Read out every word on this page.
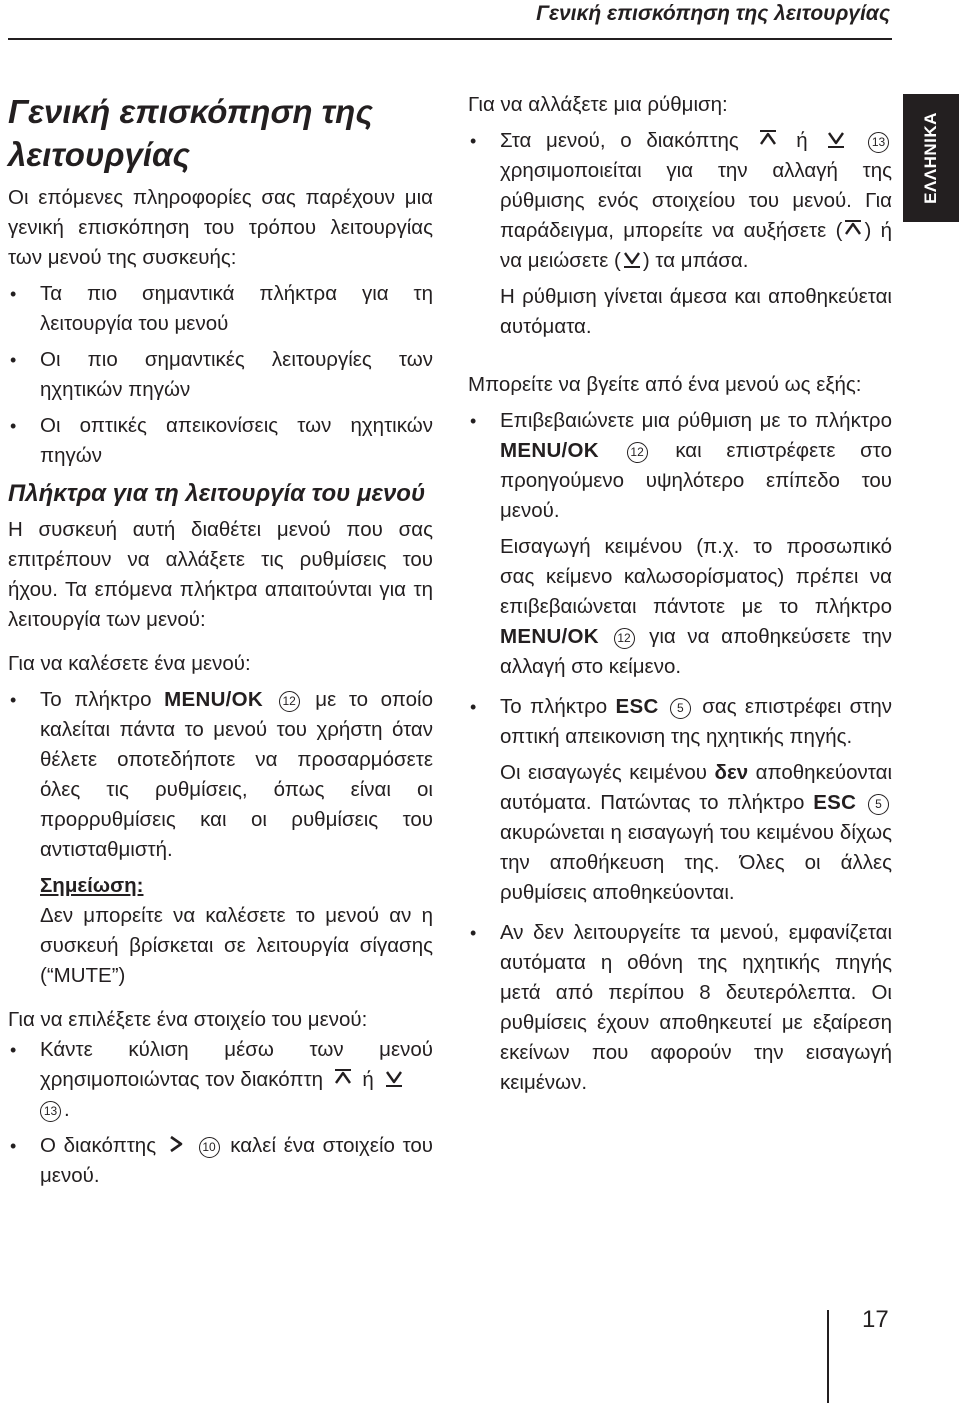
Γενική επισκόπηση της λειτουργίας
ΕΛΛΗΝΙΚΑ
Γενική επισκόπηση της λειτουργίας

Οι επόμενες πληροφορίες σας παρέχουν μια γενική επισκόπηση του τρόπου λειτουργίας των μενού της συσκευής:

• Τα πιο σημαντικά πλήκτρα για τη λειτουργία του μενού
• Οι πιο σημαντικές λειτουργίες των ηχητικών πηγών
• Οι οπτικές απεικονίσεις των ηχητικών πηγών
Πλήκτρα για τη λειτουργία του μενού

Η συσκευή αυτή διαθέτει μενού που σας επιτρέπουν να αλλάξετε τις ρυθμίσεις του ήχου. Τα επόμενα πλήκτρα απαιτούνται για τη λειτουργία των μενού:

Για να καλέσετε ένα μενού:

• Το πλήκτρο MENU/OK 12 με το οποίο καλείται πάντα το μενού του χρήστη όταν θέλετε οποτεδήποτε να προσαρμόσετε όλες τις ρυθμίσεις, όπως είναι οι προρρυθμίσεις και οι ρυθμίσεις του αντισταθμιστή.
Σημείωση:
Δεν μπορείτε να καλέσετε το μενού αν η συσκευή βρίσκεται σε λειτουργία σίγασης (“MUTE”)

Για να επιλέξετε ένα στοιχείο του μενού:

• Κάντε κύλιση μέσω των μενού χρησιμοποιώντας τον διακόπτη ή
13 .
• Ο διακόπτης	10 καλεί ένα στοιχείο του μενού.

Για να αλλάξετε μια ρύθμιση:

• Στα μενού, ο διακόπτης	ή	13 χρησιμοποιείται για την αλλαγή της ρύθμισης ενός στοιχείου του μενού. Για παράδειγμα, μπορείτε να αυξήσετε ( ) ή να μειώσετε ( ) τα μπάσα.
Η ρύθμιση γίνεται άμεσα και αποθηκεύεται αυτόματα.

Μπορείτε να βγείτε από ένα μενού ως εξής:

• Επιβεβαιώνετε μια ρύθμιση με το πλήκτρο MENU/OK	12 και επιστρέφετε στο προηγούμενο υψηλότερο επίπεδο του μενού.
Εισαγωγή κειμένου (π.χ. το προσωπικό σας κείμενο καλωσορίσματος) πρέπει να επιβεβαιώνεται πάντοτε με το πλήκτρο MENU/OK 12 για να αποθηκεύσετε την αλλαγή στο κείμενο.
• Το πλήκτρο ESC 5 σας επιστρέφει στην οπτική απεικονιση της ηχητικής πηγής.
Οι εισαγωγές κειμένου δεν αποθηκεύονται αυτόματα. Πατώντας το πλήκτρο ESC 5 ακυρώνεται η εισαγωγή του κειμένου δίχως την αποθήκευση της. Όλες οι άλλες ρυθμίσεις αποθηκεύονται.
• Αν δεν λειτουργείτε τα μενού, εμφανίζεται αυτόματα η οθόνη της ηχητικής πηγής μετά από περίπου 8 δευτερόλεπτα. Οι ρυθμίσεις έχουν αποθηκευτεί με εξαίρεση εκείνων που αφορούν την εισαγωγή κειμένων.
17
